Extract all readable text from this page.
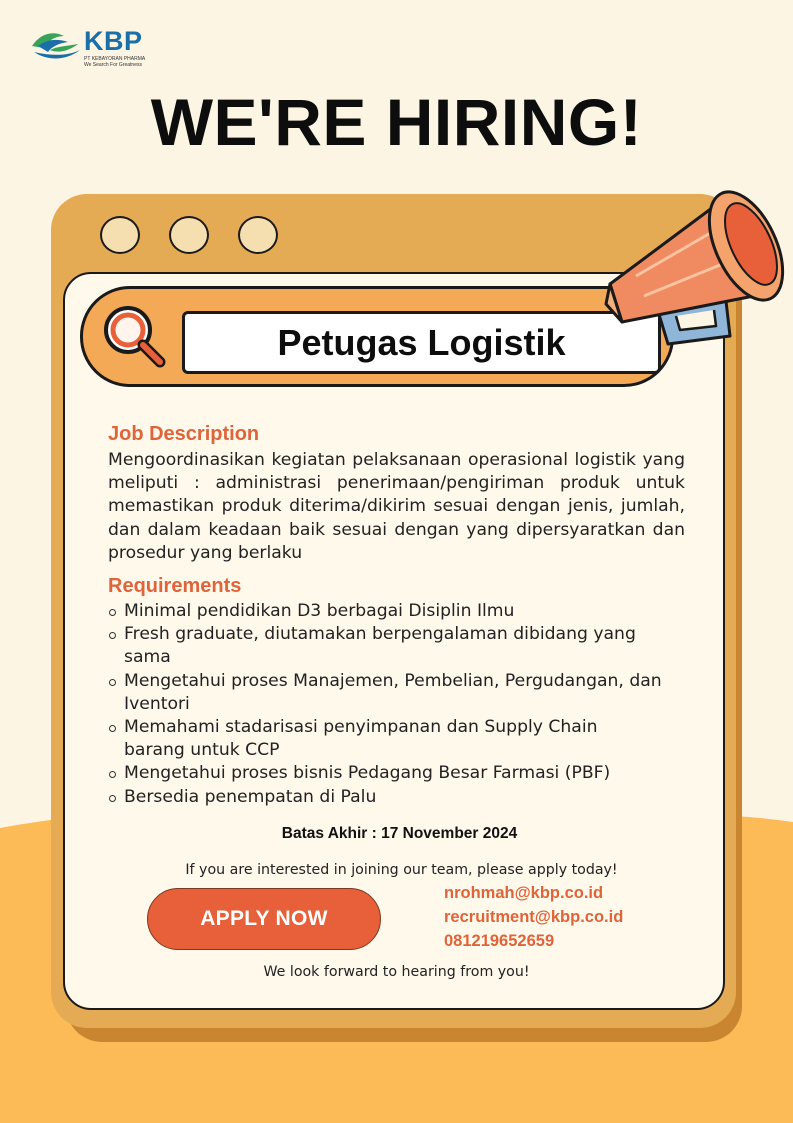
KBP
PT KEBAYORAN PHARMA
We Search For Greatness
WE'RE HIRING!
Petugas Logistik
Job Description
Mengoordinasikan kegiatan pelaksanaan operasional logistik yang meliputi : administrasi penerimaan/pengiriman produk untuk memastikan produk diterima/dikirim sesuai dengan jenis, jumlah, dan dalam keadaan baik sesuai dengan yang dipersyaratkan dan prosedur yang berlaku
Requirements
Minimal pendidikan D3 berbagai Disiplin Ilmu
Fresh graduate, diutamakan berpengalaman dibidang yang sama
Mengetahui proses Manajemen, Pembelian, Pergudangan, dan Iventori
Memahami stadarisasi penyimpanan dan Supply Chain barang untuk CCP
Mengetahui proses bisnis Pedagang Besar Farmasi (PBF)
Bersedia penempatan di Palu
Batas Akhir : 17 November 2024
If you are interested in joining our team, please apply today!
APPLY NOW
nrohmah@kbp.co.id
recruitment@kbp.co.id
081219652659
We look forward to hearing from you!
